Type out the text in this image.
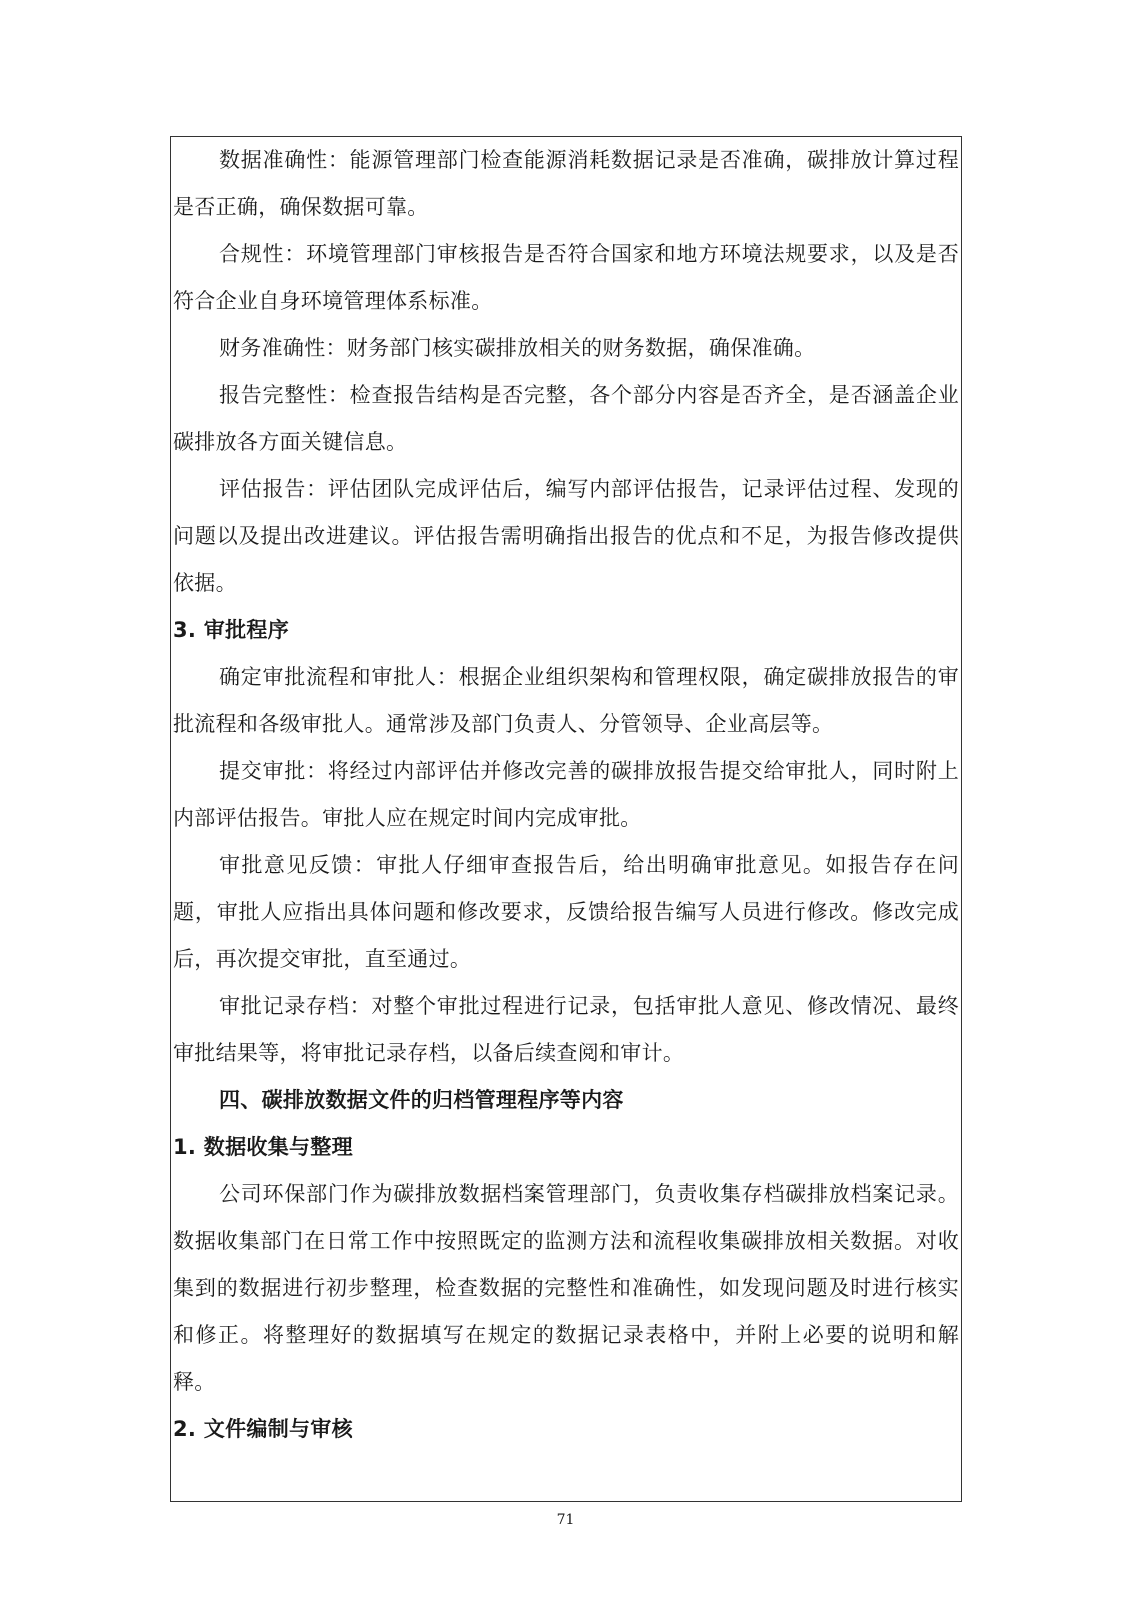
数据准确性：能源管理部门检查能源消耗数据记录是否准确，碳排放计算过程是否正确，确保数据可靠。

合规性：环境管理部门审核报告是否符合国家和地方环境法规要求，以及是否符合企业自身环境管理体系标准。

财务准确性：财务部门核实碳排放相关的财务数据，确保准确。

报告完整性：检查报告结构是否完整，各个部分内容是否齐全，是否涵盖企业碳排放各方面关键信息。

评估报告：评估团队完成评估后，编写内部评估报告，记录评估过程、发现的问题以及提出改进建议。评估报告需明确指出报告的优点和不足，为报告修改提供依据。

3. 审批程序

确定审批流程和审批人：根据企业组织架构和管理权限，确定碳排放报告的审批流程和各级审批人。通常涉及部门负责人、分管领导、企业高层等。

提交审批：将经过内部评估并修改完善的碳排放报告提交给审批人，同时附上内部评估报告。审批人应在规定时间内完成审批。

审批意见反馈：审批人仔细审查报告后，给出明确审批意见。如报告存在问题，审批人应指出具体问题和修改要求，反馈给报告编写人员进行修改。修改完成后，再次提交审批，直至通过。

审批记录存档：对整个审批过程进行记录，包括审批人意见、修改情况、最终审批结果等，将审批记录存档，以备后续查阅和审计。

四、碳排放数据文件的归档管理程序等内容

1. 数据收集与整理

公司环保部门作为碳排放数据档案管理部门，负责收集存档碳排放档案记录。数据收集部门在日常工作中按照既定的监测方法和流程收集碳排放相关数据。对收集到的数据进行初步整理，检查数据的完整性和准确性，如发现问题及时进行核实和修正。将整理好的数据填写在规定的数据记录表格中，并附上必要的说明和解释。

2. 文件编制与审核

71
